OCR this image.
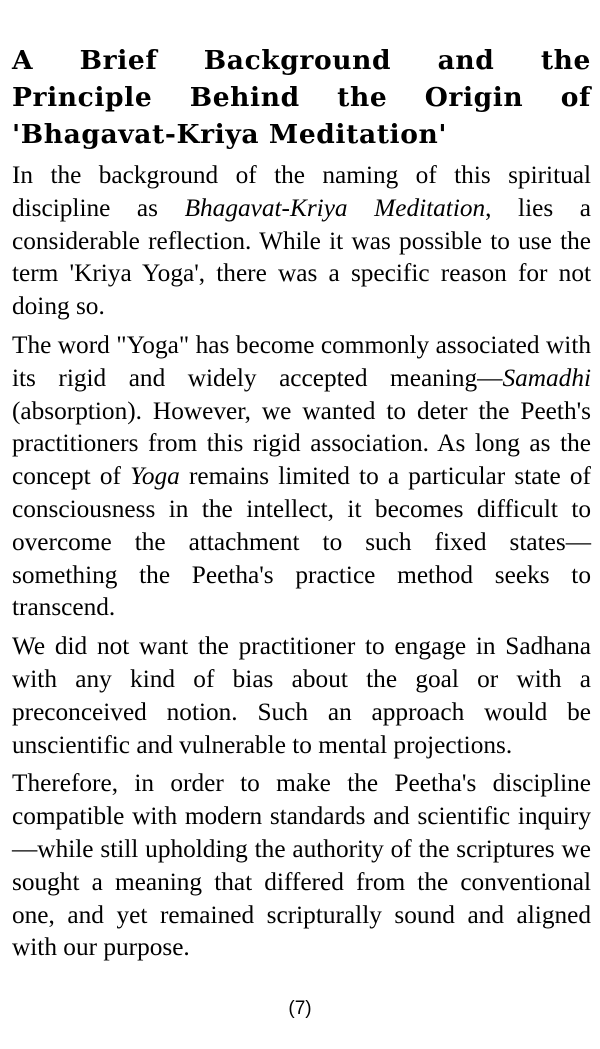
A Brief Background and the Principle Behind the Origin of 'Bhagavat-Kriya Meditation'

In the background of the naming of this spiritual discipline as Bhagavat-Kriya Meditation, lies a considerable reflection. While it was possible to use the term 'Kriya Yoga', there was a specific reason for not doing so.

The word "Yoga" has become commonly associated with its rigid and widely accepted meaning—Samadhi (absorption). However, we wanted to deter the Peeth's practitioners from this rigid association. As long as the concept of Yoga remains limited to a particular state of consciousness in the intellect, it becomes difficult to overcome the attachment to such fixed states—something the Peetha's practice method seeks to transcend.

We did not want the practitioner to engage in Sadhana with any kind of bias about the goal or with a preconceived notion. Such an approach would be unscientific and vulnerable to mental projections.

Therefore, in order to make the Peetha's discipline compatible with modern standards and scientific inquiry—while still upholding the authority of the scriptures we sought a meaning that differed from the conventional one, and yet remained scripturally sound and aligned with our purpose.

(7)
